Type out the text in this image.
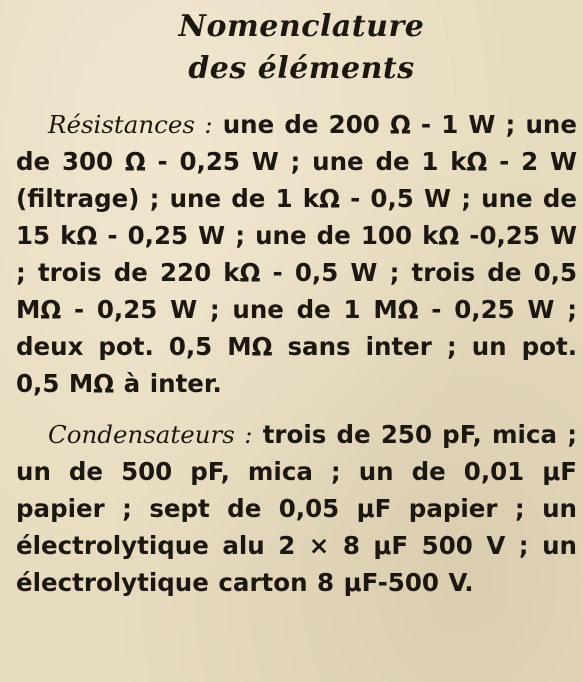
Nomenclature
des éléments

Résistances : une de 200 Ω - 1 W ; une de 300 Ω - 0,25 W ; une de 1 kΩ - 2 W (filtrage) ; une de 1 kΩ - 0,5 W ; une de 15 kΩ - 0,25 W ; une de 100 kΩ -0,25 W ; trois de 220 kΩ - 0,5 W ; trois de 0,5 MΩ - 0,25 W ; une de 1 MΩ - 0,25 W ; deux pot. 0,5 MΩ sans inter ; un pot. 0,5 MΩ à inter.

Condensateurs : trois de 250 pF, mica ; un de 500 pF, mica ; un de 0,01 μF papier ; sept de 0,05 μF papier ; un électrolytique alu 2 × 8 μF 500 V ; un électrolytique carton 8 μF-500 V.
